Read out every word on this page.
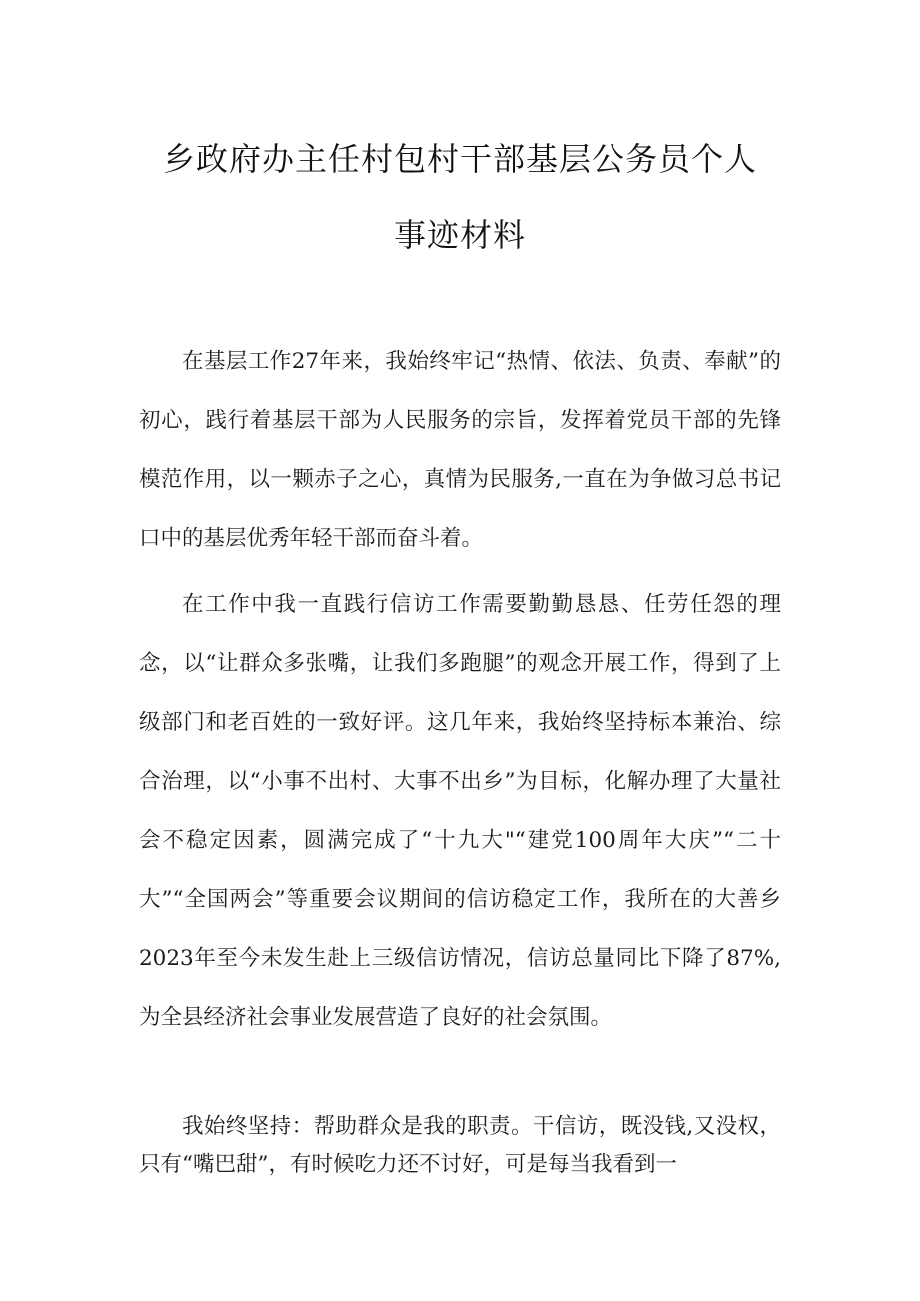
乡政府办主任村包村干部基层公务员个人
事迹材料

在基层工作27年来，我始终牢记“热情、依法、负责、奉献”的初心，践行着基层干部为人民服务的宗旨，发挥着党员干部的先锋模范作用，以一颗赤子之心，真情为民服务,一直在为争做习总书记口中的基层优秀年轻干部而奋斗着。

在工作中我一直践行信访工作需要勤勤恳恳、任劳任怨的理念，以“让群众多张嘴，让我们多跑腿”的观念开展工作，得到了上级部门和老百姓的一致好评。这几年来，我始终坚持标本兼治、综合治理，以“小事不出村、大事不出乡”为目标，化解办理了大量社会不稳定因素，圆满完成了“十九大"“建党100周年大庆”“二十大”“全国两会”等重要会议期间的信访稳定工作，我所在的大善乡2023年至今未发生赴上三级信访情况，信访总量同比下降了87%,为全县经济社会事业发展营造了良好的社会氛围。

我始终坚持：帮助群众是我的职责。干信访，既没钱,又没权，只有“嘴巴甜”，有时候吃力还不讨好，可是每当我看到一
